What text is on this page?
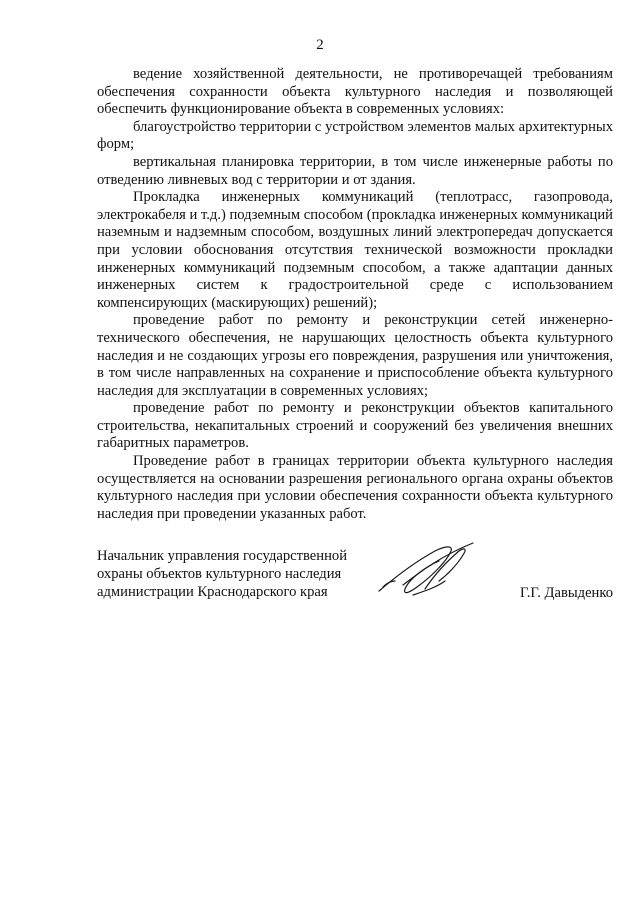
2

ведение хозяйственной деятельности, не противоречащей требованиям обеспечения сохранности объекта культурного наследия и позволяющей обеспечить функционирование объекта в современных условиях:

благоустройство территории с устройством элементов малых архитектурных форм;

вертикальная планировка территории, в том числе инженерные работы по отведению ливневых вод с территории и от здания.

Прокладка инженерных коммуникаций (теплотрасс, газопровода, электрокабеля и т.д.) подземным способом (прокладка инженерных коммуникаций наземным и надземным способом, воздушных линий электропередач допускается при условии обоснования отсутствия технической возможности прокладки инженерных коммуникаций подземным способом, а также адаптации данных инженерных систем к градостроительной среде с использованием компенсирующих (маскирующих) решений);

проведение работ по ремонту и реконструкции сетей инженерно-технического обеспечения, не нарушающих целостность объекта культурного наследия и не создающих угрозы его повреждения, разрушения или уничтожения, в том числе направленных на сохранение и приспособление объекта культурного наследия для эксплуатации в современных условиях;

проведение работ по ремонту и реконструкции объектов капитального строительства, некапитальных строений и сооружений без увеличения внешних габаритных параметров.

Проведение работ в границах территории объекта культурного наследия осуществляется на основании разрешения регионального органа охраны объектов культурного наследия при условии обеспечения сохранности объекта культурного наследия при проведении указанных работ.

Начальник управления государственной
охраны объектов культурного наследия
администрации Краснодарского края	Г.Г. Давыденко
